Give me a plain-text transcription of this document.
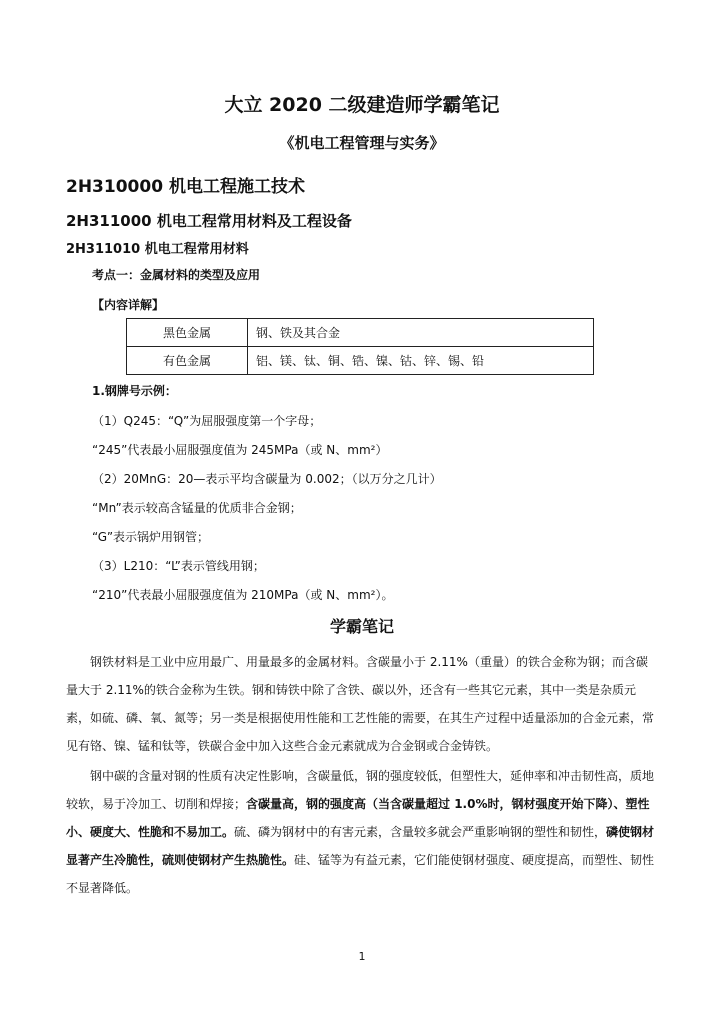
大立 2020 二级建造师学霸笔记
《机电工程管理与实务》
2H310000 机电工程施工技术
2H311000 机电工程常用材料及工程设备
2H311010 机电工程常用材料
考点一：金属材料的类型及应用
【内容详解】
黑色金属	钢、铁及其合金
有色金属	铝、镁、钛、铜、锆、镍、钴、锌、锡、铅
1.钢牌号示例：
（1）Q245：“Q”为屈服强度第一个字母；
“245”代表最小屈服强度值为 245MPa（或 N、mm²）
（2）20MnG：20—表示平均含碳量为 0.002；（以万分之几计）
“Mn”表示较高含锰量的优质非合金钢；
“G”表示锅炉用钢管；
（3）L210：“L”表示管线用钢；
“210”代表最小屈服强度值为 210MPa（或 N、mm²）。
学霸笔记

钢铁材料是工业中应用最广、用量最多的金属材料。含碳量小于 2.11%（重量）的铁合金称为钢；而含碳量大于 2.11%的铁合金称为生铁。钢和铸铁中除了含铁、碳以外，还含有一些其它元素，其中一类是杂质元素，如硫、磷、氧、氮等；另一类是根据使用性能和工艺性能的需要，在其生产过程中适量添加的合金元素，常见有铬、镍、锰和钛等，铁碳合金中加入这些合金元素就成为合金钢或合金铸铁。

钢中碳的含量对钢的性质有决定性影响，含碳量低，钢的强度较低，但塑性大，延伸率和冲击韧性高，质地较软，易于冷加工、切削和焊接；含碳量高，钢的强度高（当含碳量超过 1.0%时，钢材强度开始下降）、塑性小、硬度大、性脆和不易加工。硫、磷为钢材中的有害元素，含量较多就会严重影响钢的塑性和韧性，磷使钢材显著产生冷脆性，硫则使钢材产生热脆性。硅、锰等为有益元素，它们能使钢材强度、硬度提高，而塑性、韧性不显著降低。

1
